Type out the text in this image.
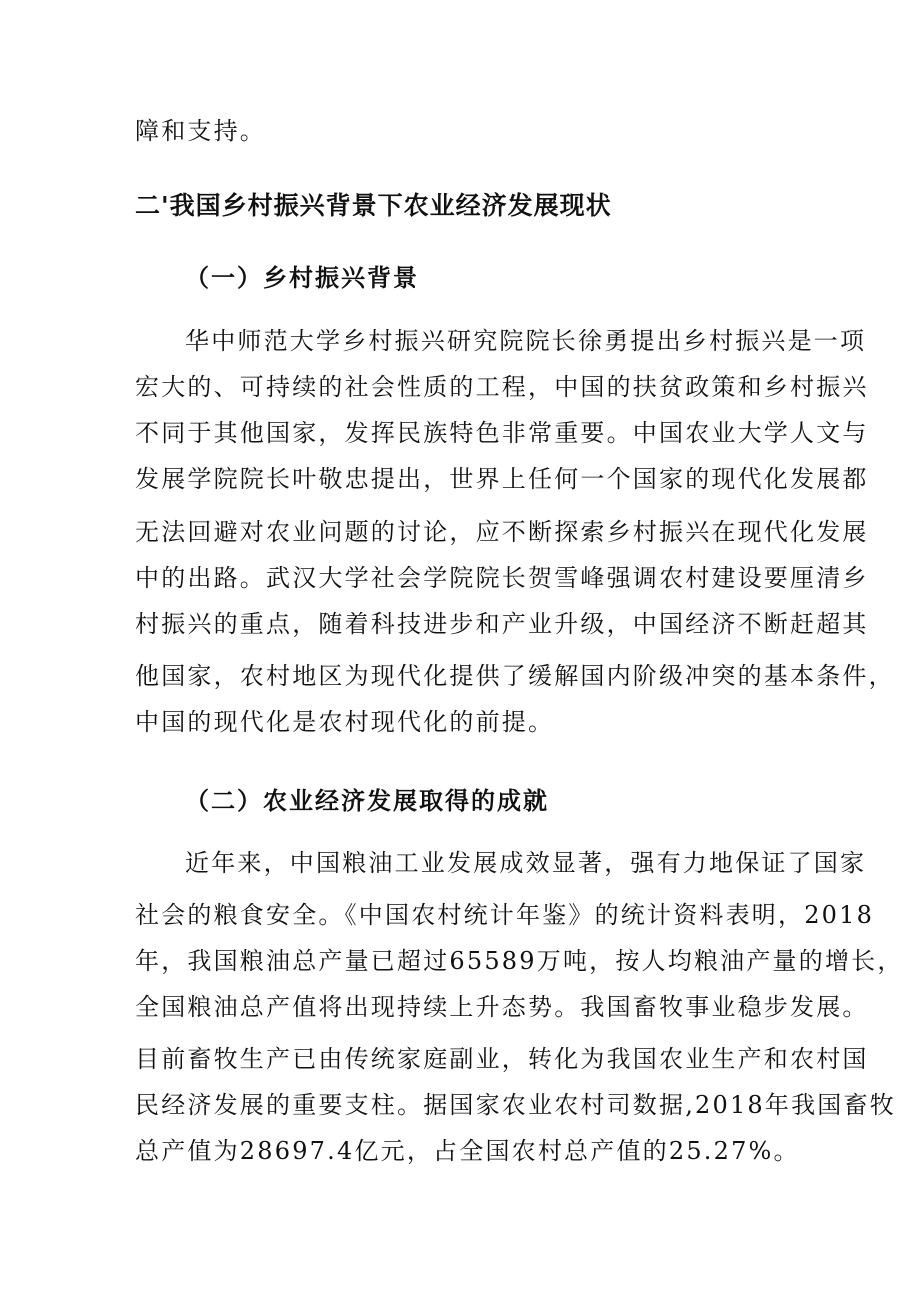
障和支持。
二'我国乡村振兴背景下农业经济发展现状
（一）乡村振兴背景
华中师范大学乡村振兴研究院院长徐勇提出乡村振兴是一项
宏大的、可持续的社会性质的工程，中国的扶贫政策和乡村振兴
不同于其他国家，发挥民族特色非常重要。中国农业大学人文与
发展学院院长叶敬忠提出，世界上任何一个国家的现代化发展都
无法回避对农业问题的讨论，应不断探索乡村振兴在现代化发展
中的出路。武汉大学社会学院院长贺雪峰强调农村建设要厘清乡
村振兴的重点，随着科技进步和产业升级，中国经济不断赶超其
他国家，农村地区为现代化提供了缓解国内阶级冲突的基本条件，
中国的现代化是农村现代化的前提。
（二）农业经济发展取得的成就
近年来，中国粮油工业发展成效显著，强有力地保证了国家
社会的粮食安全。《中国农村统计年鉴》的统计资料表明，2018
年，我国粮油总产量已超过65589万吨，按人均粮油产量的增长，
全国粮油总产值将出现持续上升态势。我国畜牧事业稳步发展。
目前畜牧生产已由传统家庭副业，转化为我国农业生产和农村国
民经济发展的重要支柱。据国家农业农村司数据,2018年我国畜牧
总产值为28697.4亿元，占全国农村总产值的25.27%。
